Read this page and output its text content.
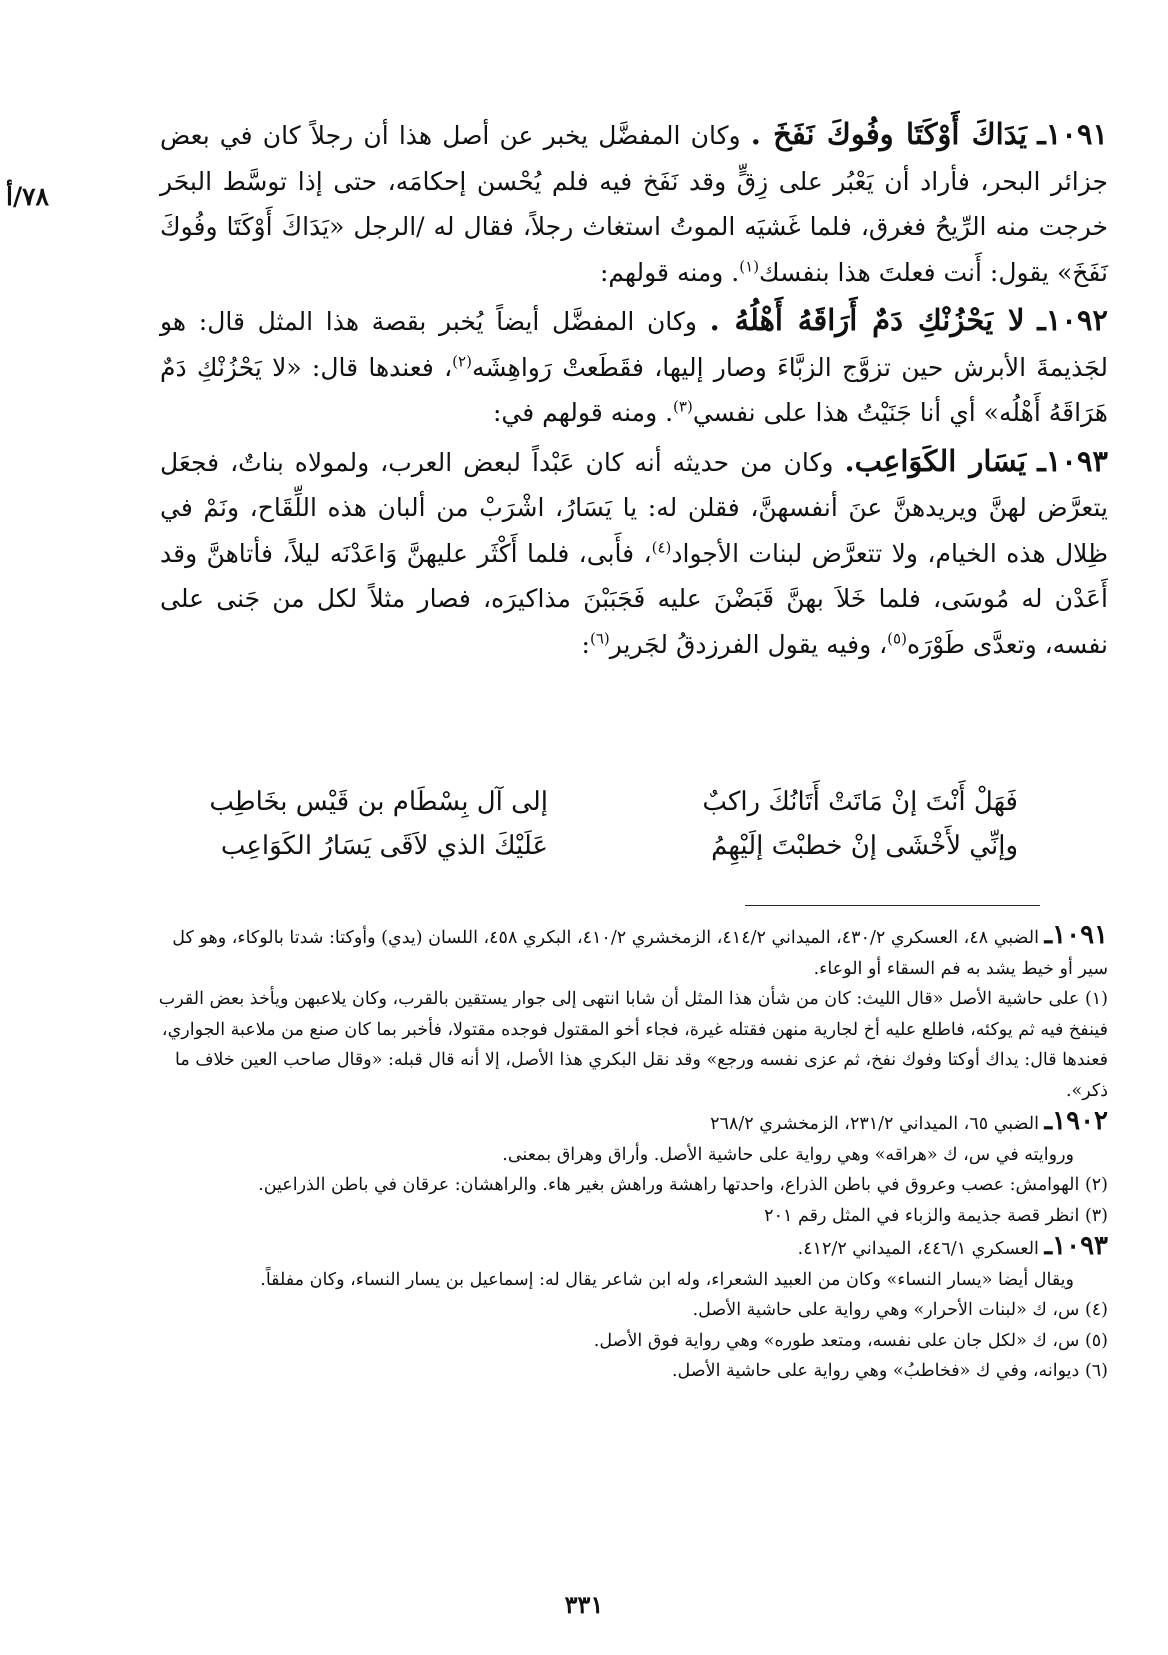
٧٨/أ

١٠٩١ـ يَدَاكَ أَوْكَتَا وفُوكَ نَفَخَ . وكان المفضَّل يخبر عن أصل هذا أن رجلاً كان في بعض جزائر البحر، فأراد أن يَعْبُر على زِقٍّ وقد نَفَخ فيه فلم يُحْسن إحكامَه، حتى إذا توسَّط البحَر خرجت منه الرِّيحُ فغرق، فلما غَشيَه الموتُ استغاث رجلاً، فقال له /الرجل «يَدَاكَ أَوْكَتَا وفُوكَ نَفَخَ» يقول: أَنت فعلتَ هذا بنفسك$^{(١)}$. ومنه قولهم:

١٠٩٢ـ لا يَحْزُنْكِ دَمٌ أَرَاقَهُ أَهْلُهُ . وكان المفضَّل أيضاً يُخبر بقصة هذا المثل قال: هو لجَذيمةَ الأبرش حين تزوَّج الزبَّاءَ وصار إليها، فقَطَعتْ رَواهِشَه$^{(٢)}$، فعندها قال: «لا يَحْزُنْكِ دَمٌ هَرَاقَهُ أَهْلُه» أي أنا جَنَيْتُ هذا على نفسي$^{(٣)}$. ومنه قولهم في:

١٠٩٣ـ يَسَار الكَوَاعِب. وكان من حديثه أنه كان عَبْداً لبعض العرب، ولمولاه بناتٌ، فجعَل يتعرَّض لهنَّ ويريدهنَّ عنَ أنفسهنَّ، فقلن له: يا يَسَارُ، اشْرَبْ من ألبان هذه اللِّقَاح، ونَمْ في ظِلال هذه الخيام، ولا تتعرَّض لبنات الأجواد$^{(٤)}$، فأَبى، فلما أَكْثَر عليهنَّ وَاعَدْنَه ليلاً، فأتاهنَّ وقد أَعَدْن له مُوسَى، فلما خَلاَ بهنَّ قَبَضْنَ عليه فَجَبَبْنَ مذاكيرَه، فصار مثلاً لكل من جَنى على نفسه، وتعدَّى طَوْرَه$^{(٥)}$، وفيه يقول الفرزدقُ لجَرير$^{(٦)}$:

فَهَلْ أَنْتَ إنْ مَاتَتْ أَتَانُكَ راكبٌ
إلى آل بِسْطَام بن قَيْس بخَاطِب
وإنِّي لأَخْشَى إنْ خطبْتَ إلَيْهِمُ
عَلَيْكَ الذي لاَقَى يَسَارُ الكَوَاعِب

١٠٩١ـ الضبي ٤٨، العسكري ٤٣٠/٢، الميداني ٤١٤/٢، الزمخشري ٤١٠/٢، البكري ٤٥٨، اللسان (يدي) وأوكتا: شدتا بالوكاء، وهو كل سير أو خيط يشد به فم السقاء أو الوعاء.

(١) على حاشية الأصل «قال الليث: كان من شأن هذا المثل أن شابا انتهى إلى جوار يستقين بالقرب، وكان يلاعبهن ويأخذ بعض القرب فينفخ فيه ثم يوكئه، فاطلع عليه أخ لجارية منهن فقتله غيرة، فجاء أخو المقتول فوجده مقتولا، فأخبر بما كان صنع من ملاعبة الجواري، فعندها قال: يداك أوكتا وفوك نفخ، ثم عزى نفسه ورجع» وقد نقل البكري هذا الأصل، إلا أنه قال قبله: «وقال صاحب العين خلاف ما ذكر».

١٩٠٢ـ الضبي ٦٥، الميداني ٢٣١/٢، الزمخشري ٢٦٨/٢

وروايته في س، ك «هراقه» وهي رواية على حاشية الأصل. وأراق وهراق بمعنى.

(٢) الهوامش: عصب وعروق في باطن الذراع، واحدتها راهشة وراهش بغير هاء. والراهشان: عرقان في باطن الذراعين.

(٣) انظر قصة جذيمة والزباء في المثل رقم ٢٠١

١٠٩٣ـ العسكري ٤٤٦/١، الميداني ٤١٢/٢.

ويقال أيضا «يسار النساء» وكان من العبيد الشعراء، وله ابن شاعر يقال له: إسماعيل بن يسار النساء، وكان مفلقاً.

(٤) س، ك «لبنات الأحرار» وهي رواية على حاشية الأصل.

(٥) س، ك «لكل جان على نفسه، ومتعد طوره» وهي رواية فوق الأصل.

(٦) ديوانه، وفي ك «فخاطبُ» وهي رواية على حاشية الأصل.

٣٣١
